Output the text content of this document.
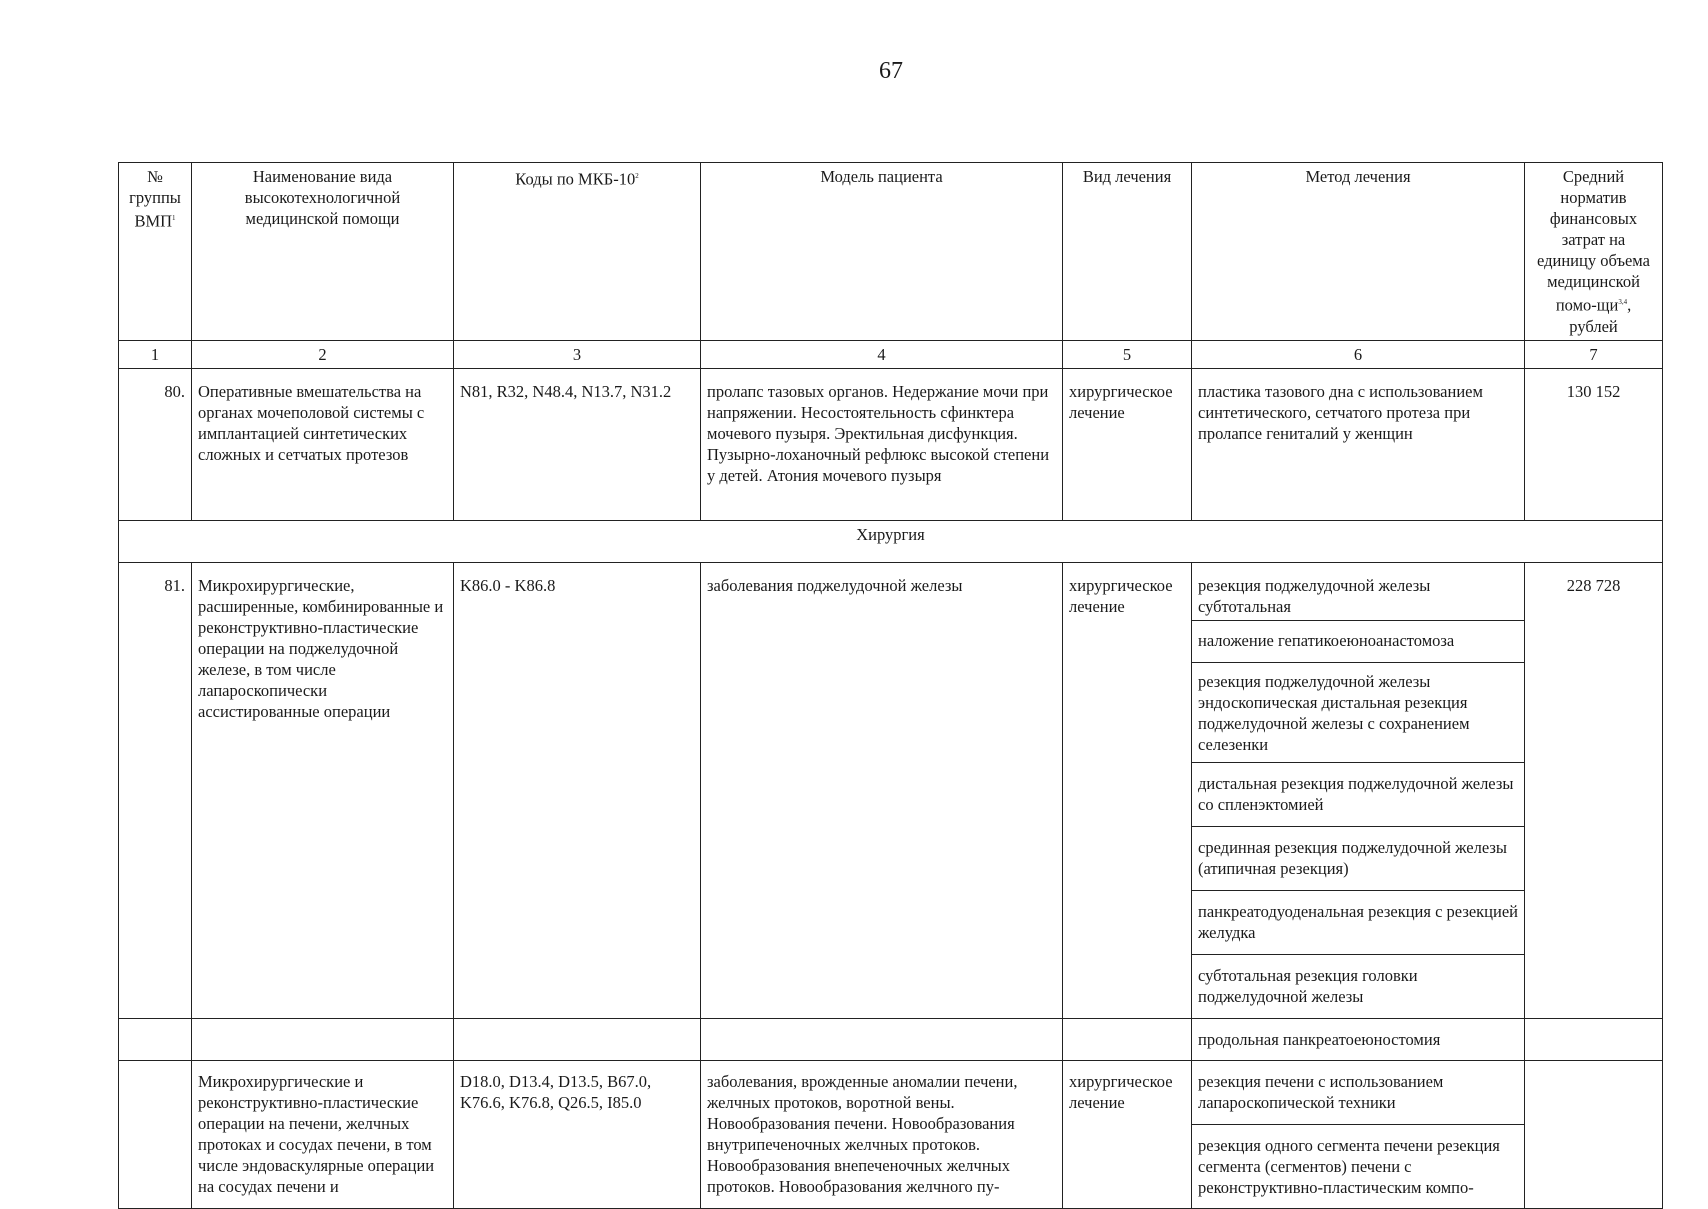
67
№ группы ВМП$^1$	Наименование вида высокотехнологичной медицинской помощи	Коды по МКБ-$10^2$	Модель пациента	Вид лечения	Метод лечения	Средний норматив финансовых затрат на единицу объема медицинской помо-щи$^{3,4}$, рублей
1	2	3	4	5	6	7
80.	Оперативные вмешательства на органах мочеполовой системы с имплантацией синтетических сложных и сетчатых протезов	N81, R32, N48.4, N13.7, N31.2	пролапс тазовых органов. Недержание мочи при напряжении. Несостоятельность сфинктера мочевого пузыря. Эректильная дисфункция. Пузырно-лоханочный рефлюкс высокой степени у детей. Атония мочевого пузыря	хирургическое лечение	пластика тазового дна с использованием синтетического, сетчатого протеза при пролапсе гениталий у женщин	130 152
Хирургия						
81.	Микрохирургические, расширенные, комбинированные и реконструктивно-пластические операции на поджелудочной железе, в том числе лапароскопически ассистированные операции	K86.0 - K86.8	заболевания поджелудочной железы	хирургическое лечение	резекция поджелудочной железы субтотальная	228 728
					наложение гепатикоеюноанастомоза	
					резекция поджелудочной железы эндоскопическая дистальная резекция поджелудочной железы с сохранением селезенки	
					дистальная резекция поджелудочной железы со спленэктомией	
					срединная резекция поджелудочной железы (атипичная резекция)	
					панкреатодуоденальная резекция с резекцией желудка	
					субтотальная резекция головки поджелудочной железы	
					продольная панкреатоеюностомия	
	Микрохирургические и реконструктивно-пластические операции на печени, желчных протоках и сосудах печени, в том числе эндоваскулярные операции на сосудах печени и	D18.0, D13.4, D13.5, B67.0, K76.6, K76.8, Q26.5, I85.0	заболевания, врожденные аномалии печени, желчных протоков, воротной вены. Новообразования печени. Новообразования внутрипеченочных желчных протоков. Новообразования внепеченочных желчных протоков. Новообразования желчного пу-	хирургическое лечение	резекция печени с использованием лапароскопической техники	
					резекция одного сегмента печени резекция сегмента (сегментов) печени с реконструктивно-пластическим компо-	
